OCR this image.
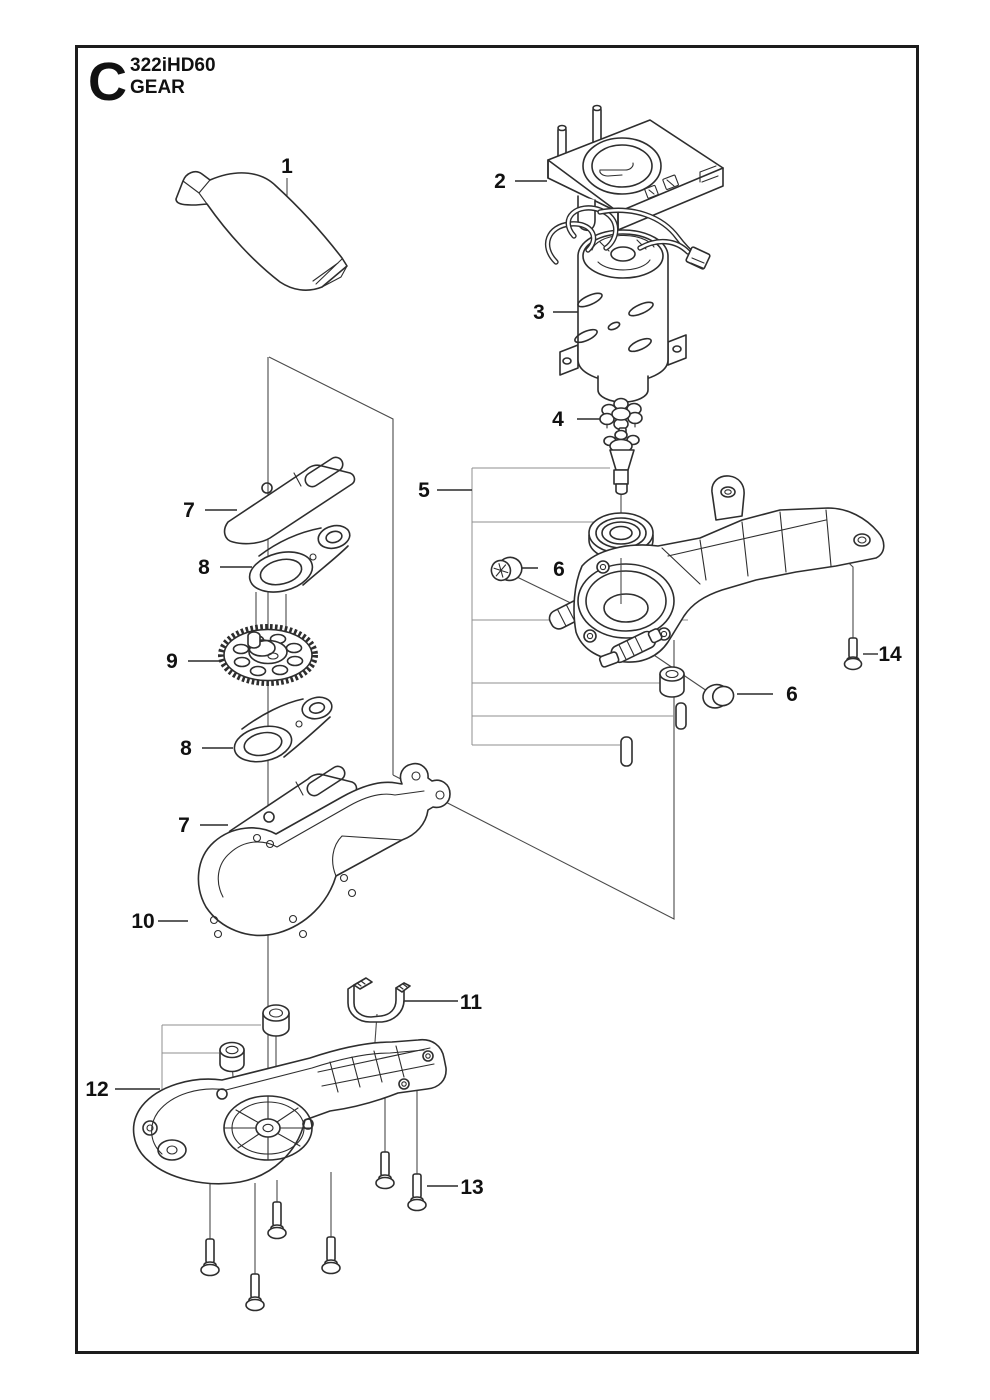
C 322iHD60
GEAR
1
2
3
4
5
6
6
7
8
9
8
7
10
11
12
13
14
